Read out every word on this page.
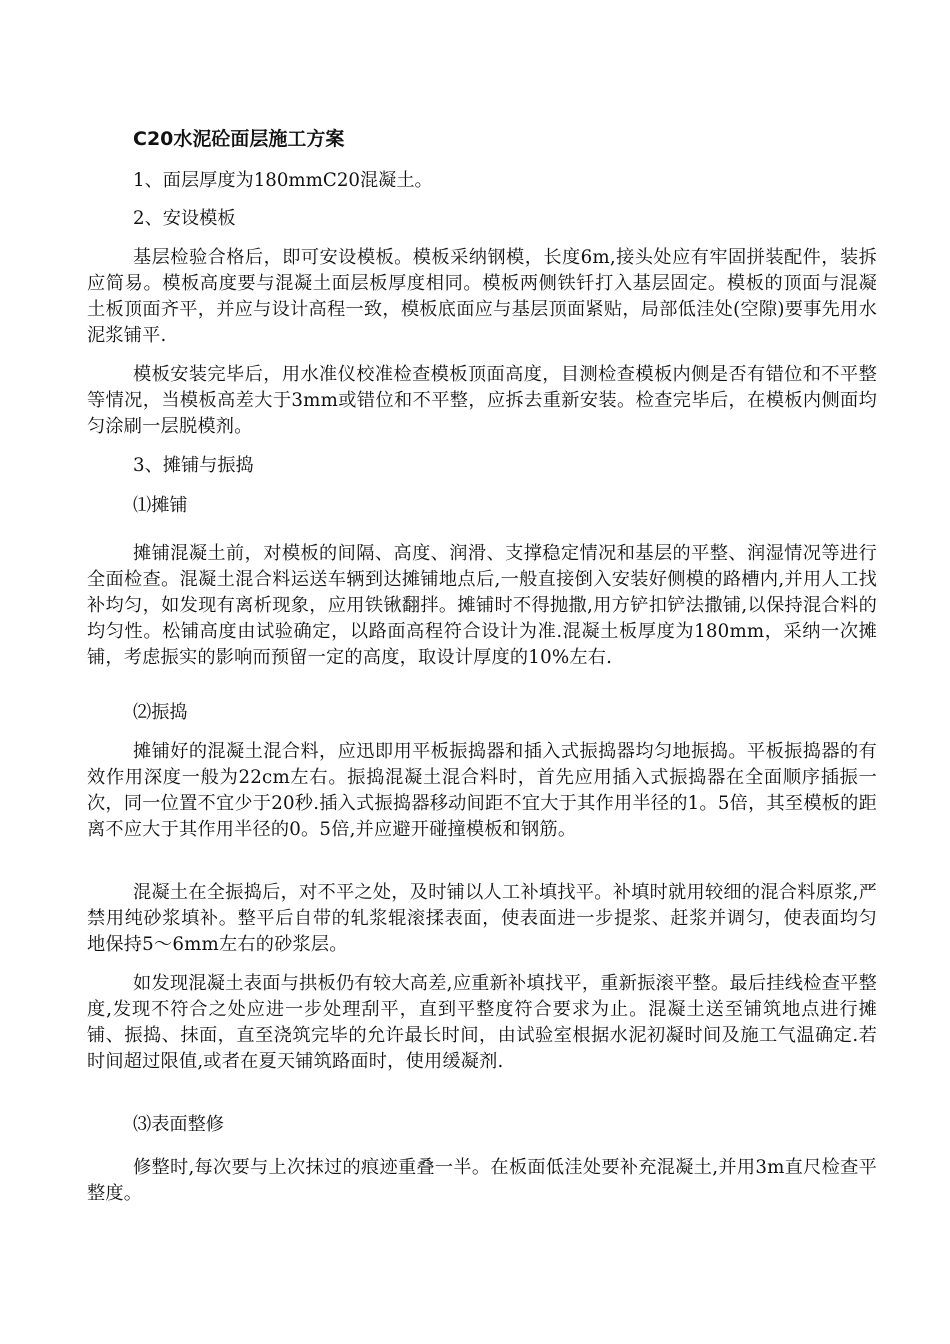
C20水泥砼面层施工方案

1、面层厚度为180mmC20混凝土。

2、安设模板

基层检验合格后，即可安设模板。模板采纳钢模，长度6m,接头处应有牢固拼装配件，装拆应简易。模板高度要与混凝土面层板厚度相同。模板两侧铁钎打入基层固定。模板的顶面与混凝土板顶面齐平，并应与设计高程一致，模板底面应与基层顶面紧贴，局部低洼处(空隙)要事先用水泥浆铺平.

模板安装完毕后，用水准仪校准检查模板顶面高度，目测检查模板内侧是否有错位和不平整等情况，当模板高差大于3mm或错位和不平整，应拆去重新安装。检查完毕后，在模板内侧面均匀涂刷一层脱模剂。

3、摊铺与振捣

⑴摊铺

摊铺混凝土前，对模板的间隔、高度、润滑、支撑稳定情况和基层的平整、润湿情况等进行全面检查。混凝土混合料运送车辆到达摊铺地点后,一般直接倒入安装好侧模的路槽内,并用人工找补均匀，如发现有离析现象，应用铁锹翻拌。摊铺时不得抛撒,用方铲扣铲法撒铺,以保持混合料的均匀性。松铺高度由试验确定，以路面高程符合设计为准.混凝土板厚度为180mm，采纳一次摊铺，考虑振实的影响而预留一定的高度，取设计厚度的10%左右.

⑵振捣

摊铺好的混凝土混合料，应迅即用平板振捣器和插入式振捣器均匀地振捣。平板振捣器的有效作用深度一般为22cm左右。振捣混凝土混合料时，首先应用插入式振捣器在全面顺序插振一次，同一位置不宜少于20秒.插入式振捣器移动间距不宜大于其作用半径的1。5倍，其至模板的距离不应大于其作用半径的0。5倍,并应避开碰撞模板和钢筋。

混凝土在全振捣后，对不平之处，及时铺以人工补填找平。补填时就用较细的混合料原浆,严禁用纯砂浆填补。整平后自带的轧浆辊滚揉表面，使表面进一步提浆、赶浆并调匀，使表面均匀地保持5～6mm左右的砂浆层。

如发现混凝土表面与拱板仍有较大高差,应重新补填找平，重新振滚平整。最后挂线检查平整度,发现不符合之处应进一步处理刮平，直到平整度符合要求为止。混凝土送至铺筑地点进行摊铺、振捣、抹面，直至浇筑完毕的允许最长时间，由试验室根据水泥初凝时间及施工气温确定.若时间超过限值,或者在夏天铺筑路面时，使用缓凝剂.

⑶表面整修

修整时,每次要与上次抹过的痕迹重叠一半。在板面低洼处要补充混凝土,并用3m直尺检查平整度。
